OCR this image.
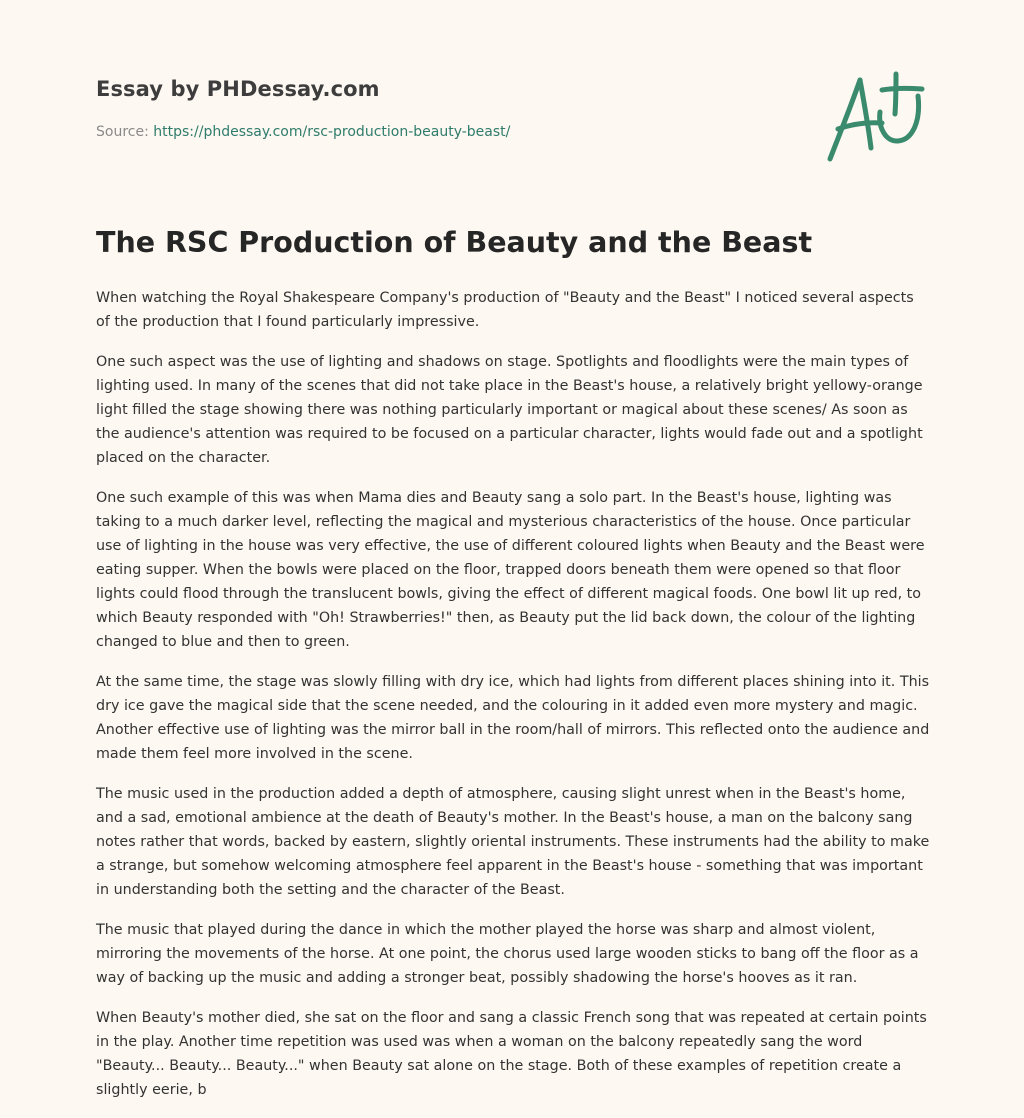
Essay by PHDessay.com
Source: https://phdessay.com/rsc-production-beauty-beast/
The RSC Production of Beauty and the Beast

When watching the Royal Shakespeare Company's production of "Beauty and the Beast" I noticed several aspects of the production that I found particularly impressive.

One such aspect was the use of lighting and shadows on stage. Spotlights and floodlights were the main types of lighting used. In many of the scenes that did not take place in the Beast's house, a relatively bright yellowy-orange light filled the stage showing there was nothing particularly important or magical about these scenes/ As soon as the audience's attention was required to be focused on a particular character, lights would fade out and a spotlight placed on the character.

One such example of this was when Mama dies and Beauty sang a solo part. In the Beast's house, lighting was taking to a much darker level, reflecting the magical and mysterious characteristics of the house. Once particular use of lighting in the house was very effective, the use of different coloured lights when Beauty and the Beast were eating supper. When the bowls were placed on the floor, trapped doors beneath them were opened so that floor lights could flood through the translucent bowls, giving the effect of different magical foods. One bowl lit up red, to which Beauty responded with "Oh! Strawberries!" then, as Beauty put the lid back down, the colour of the lighting changed to blue and then to green.

At the same time, the stage was slowly filling with dry ice, which had lights from different places shining into it. This dry ice gave the magical side that the scene needed, and the colouring in it added even more mystery and magic. Another effective use of lighting was the mirror ball in the room/hall of mirrors. This reflected onto the audience and made them feel more involved in the scene.

The music used in the production added a depth of atmosphere, causing slight unrest when in the Beast's home, and a sad, emotional ambience at the death of Beauty's mother. In the Beast's house, a man on the balcony sang notes rather that words, backed by eastern, slightly oriental instruments. These instruments had the ability to make a strange, but somehow welcoming atmosphere feel apparent in the Beast's house - something that was important in understanding both the setting and the character of the Beast.

The music that played during the dance in which the mother played the horse was sharp and almost violent, mirroring the movements of the horse. At one point, the chorus used large wooden sticks to bang off the floor as a way of backing up the music and adding a stronger beat, possibly shadowing the horse's hooves as it ran.

When Beauty's mother died, she sat on the floor and sang a classic French song that was repeated at certain points in the play. Another time repetition was used was when a woman on the balcony repeatedly sang the word "Beauty... Beauty... Beauty..." when Beauty sat alone on the stage. Both of these examples of repetition create a slightly eerie, b
